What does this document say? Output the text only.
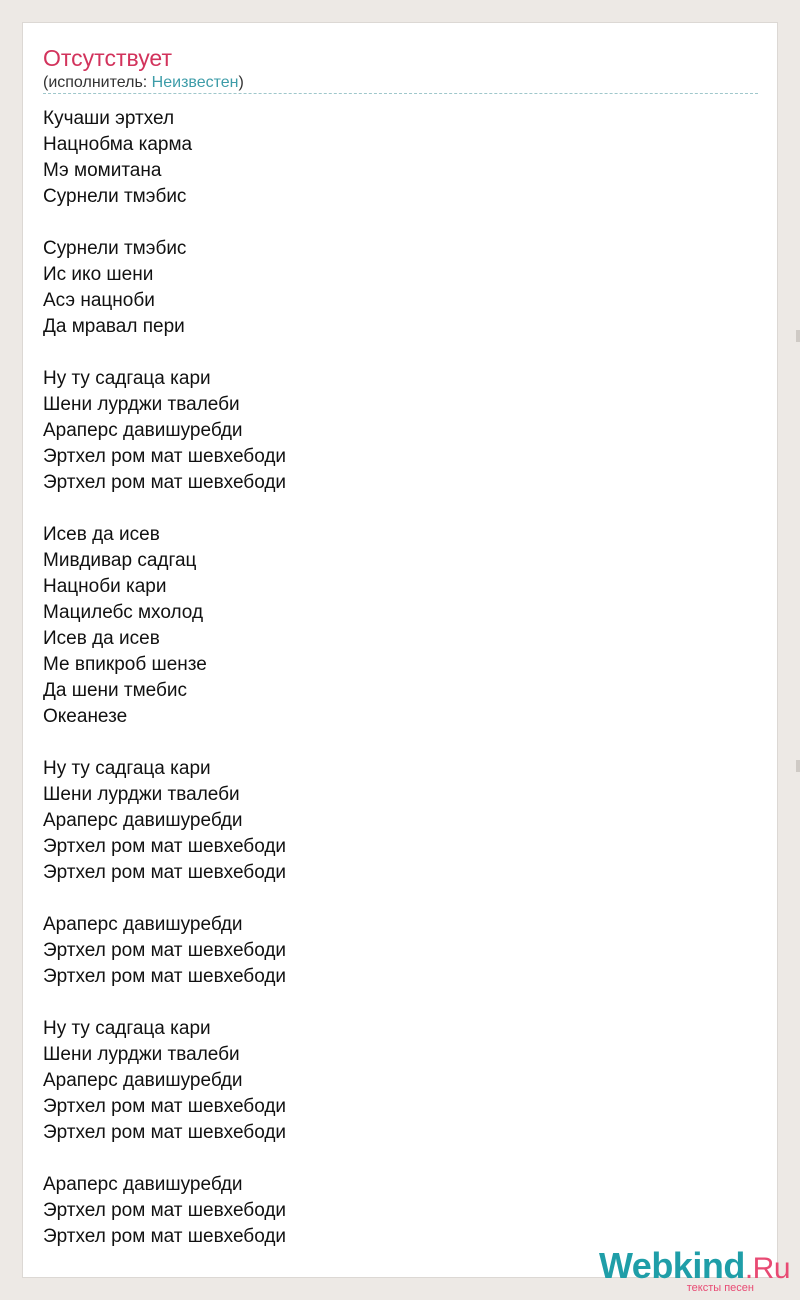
Отсутствует
(исполнитель: Неизвестен)
Кучаши эртхел
Нацнобма карма
Мэ момитана
Сурнели тмэбис
Сурнели тмэбис
Ис ико шени
Асэ нацноби
Да мравал пери
Ну ту садгаца кари
Шени лурджи твалеби
Араперс давишуребди
Эртхел ром мат шевхебоди
Эртхел ром мат шевхебоди
Исев да исев
Мивдивар садгац
Нацноби кари
Мацилебс мхолод
Исев да исев
Ме впикроб шензе
Да шени тмебис
Океанезе
Ну ту садгаца кари
Шени лурджи твалеби
Араперс давишуребди
Эртхел ром мат шевхебоди
Эртхел ром мат шевхебоди
Араперс давишуребди
Эртхел ром мат шевхебоди
Эртхел ром мат шевхебоди
Ну ту садгаца кари
Шени лурджи твалеби
Араперс давишуребди
Эртхел ром мат шевхебоди
Эртхел ром мат шевхебоди
Араперс давишуребди
Эртхел ром мат шевхебоди
Эртхел ром мат шевхебоди
Webkind.Ru
тексты песен
